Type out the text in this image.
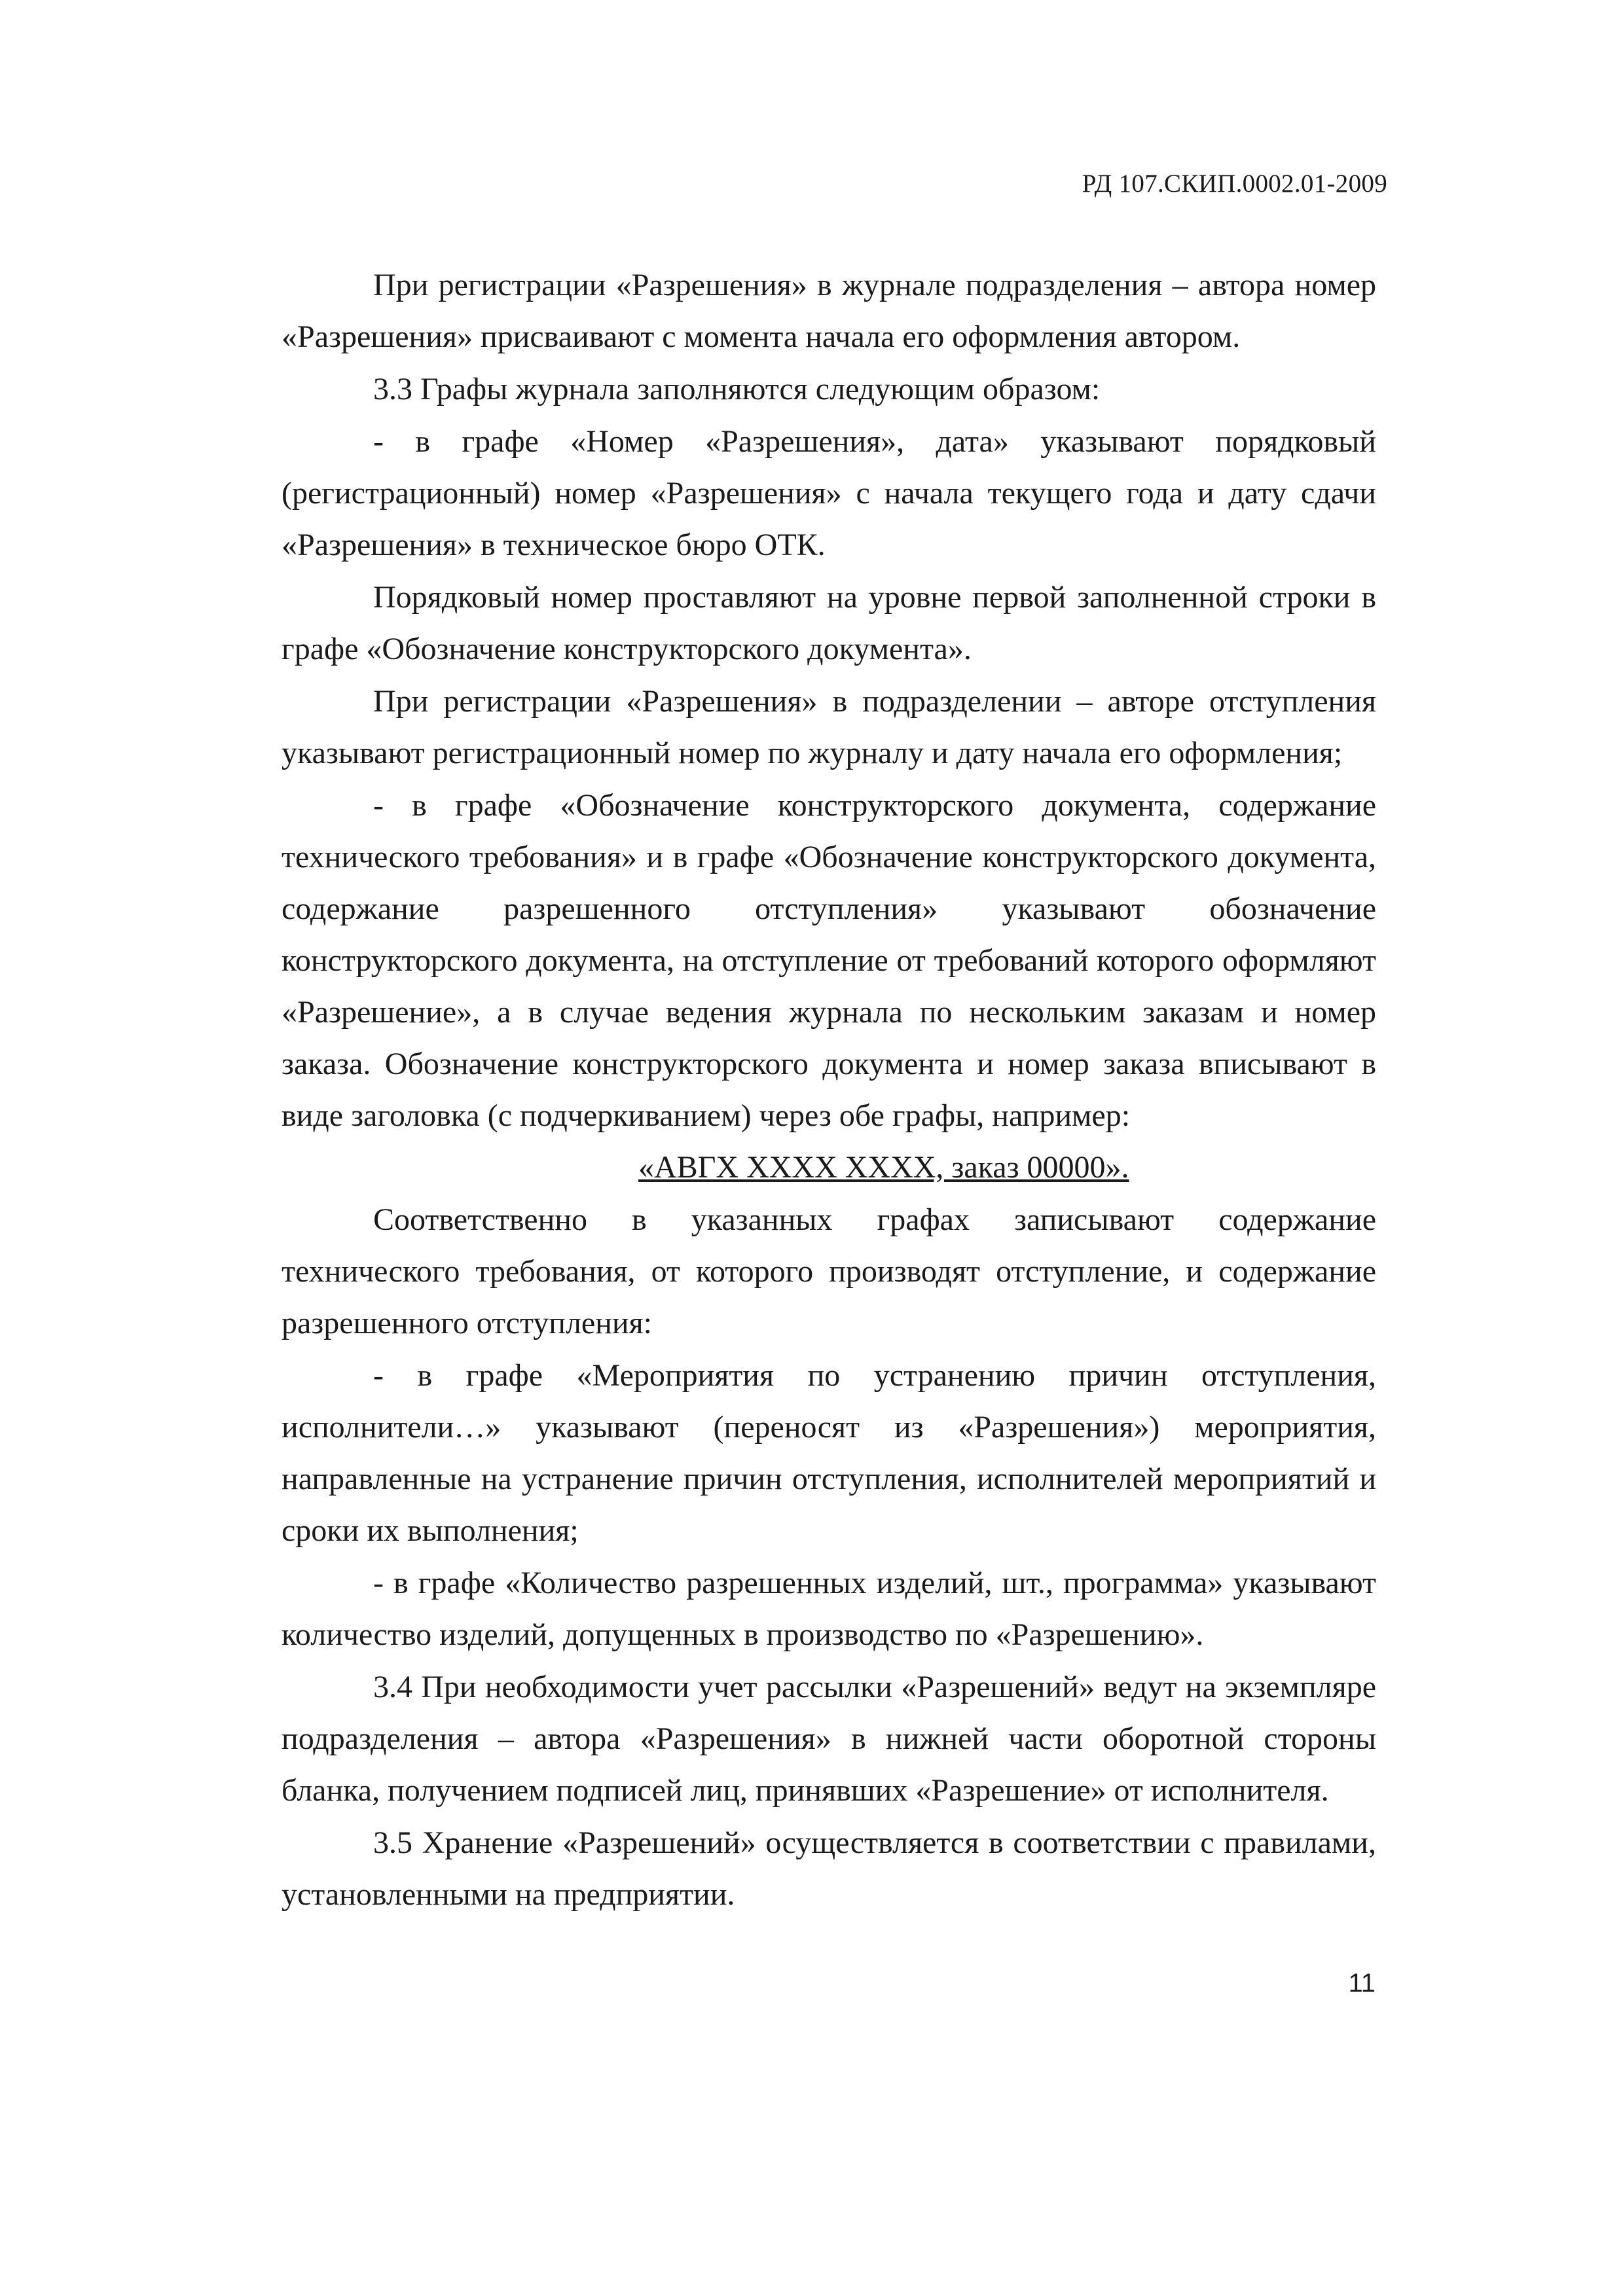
РД 107.СКИП.0002.01-2009

При регистрации «Разрешения» в журнале подразделения – автора номер «Разрешения» присваивают с момента начала его оформления автором.

3.3 Графы журнала заполняются следующим образом:

- в графе «Номер «Разрешения», дата» указывают порядковый (регистрационный) номер «Разрешения» с начала текущего года и дату сдачи «Разрешения» в техническое бюро ОТК.

Порядковый номер проставляют на уровне первой заполненной строки в графе «Обозначение конструкторского документа».

При регистрации «Разрешения» в подразделении – авторе отступления указывают регистрационный номер по журналу и дату начала его оформления;

- в графе «Обозначение конструкторского документа, содержание технического требования» и в графе «Обозначение конструкторского документа, содержание разрешенного отступления» указывают обозначение конструкторского документа, на отступление от требований которого оформляют «Разрешение», а в случае ведения журнала по нескольким заказам и номер заказа. Обозначение конструкторского документа и номер заказа вписывают в виде заголовка (с подчеркиванием) через обе графы, например:

«АВГХ XXXX XXXX, заказ 00000».

Соответственно в указанных графах записывают содержание технического требования, от которого производят отступление, и содержание разрешенного отступления:

- в графе «Мероприятия по устранению причин отступления, исполнители…» указывают (переносят из «Разрешения») мероприятия, направленные на устранение причин отступления, исполнителей мероприятий и сроки их выполнения;

- в графе «Количество разрешенных изделий, шт., программа» указывают количество изделий, допущенных в производство по «Разрешению».

3.4 При необходимости учет рассылки «Разрешений» ведут на экземпляре подразделения – автора «Разрешения» в нижней части оборотной стороны бланка, получением подписей лиц, принявших «Разрешение» от исполнителя.

3.5 Хранение «Разрешений» осуществляется в соответствии с правилами, установленными на предприятии.

11
